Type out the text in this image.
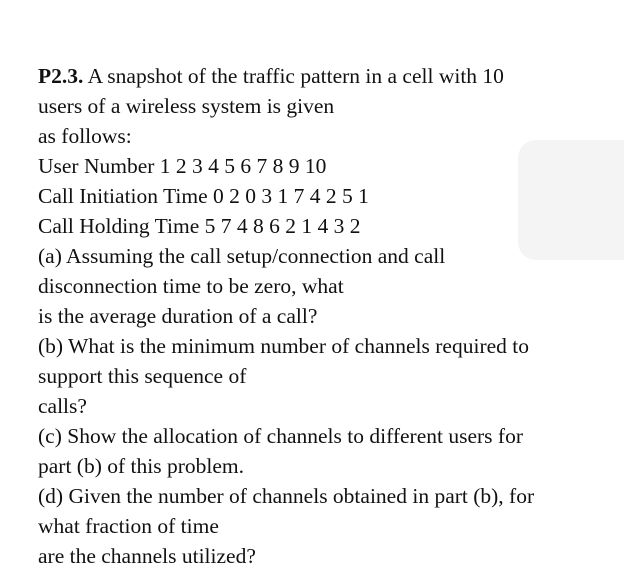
P2.3. A snapshot of the traffic pattern in a cell with 10
users of a wireless system is given
as follows:
User Number 1 2 3 4 5 6 7 8 9 10
Call Initiation Time 0 2 0 3 1 7 4 2 5 1
Call Holding Time 5 7 4 8 6 2 1 4 3 2
(a) Assuming the call setup/connection and call
disconnection time to be zero, what
is the average duration of a call?
(b) What is the minimum number of channels required to
support this sequence of
calls?
(c) Show the allocation of channels to different users for
part (b) of this problem.
(d) Given the number of channels obtained in part (b), for
what fraction of time
are the channels utilized?
